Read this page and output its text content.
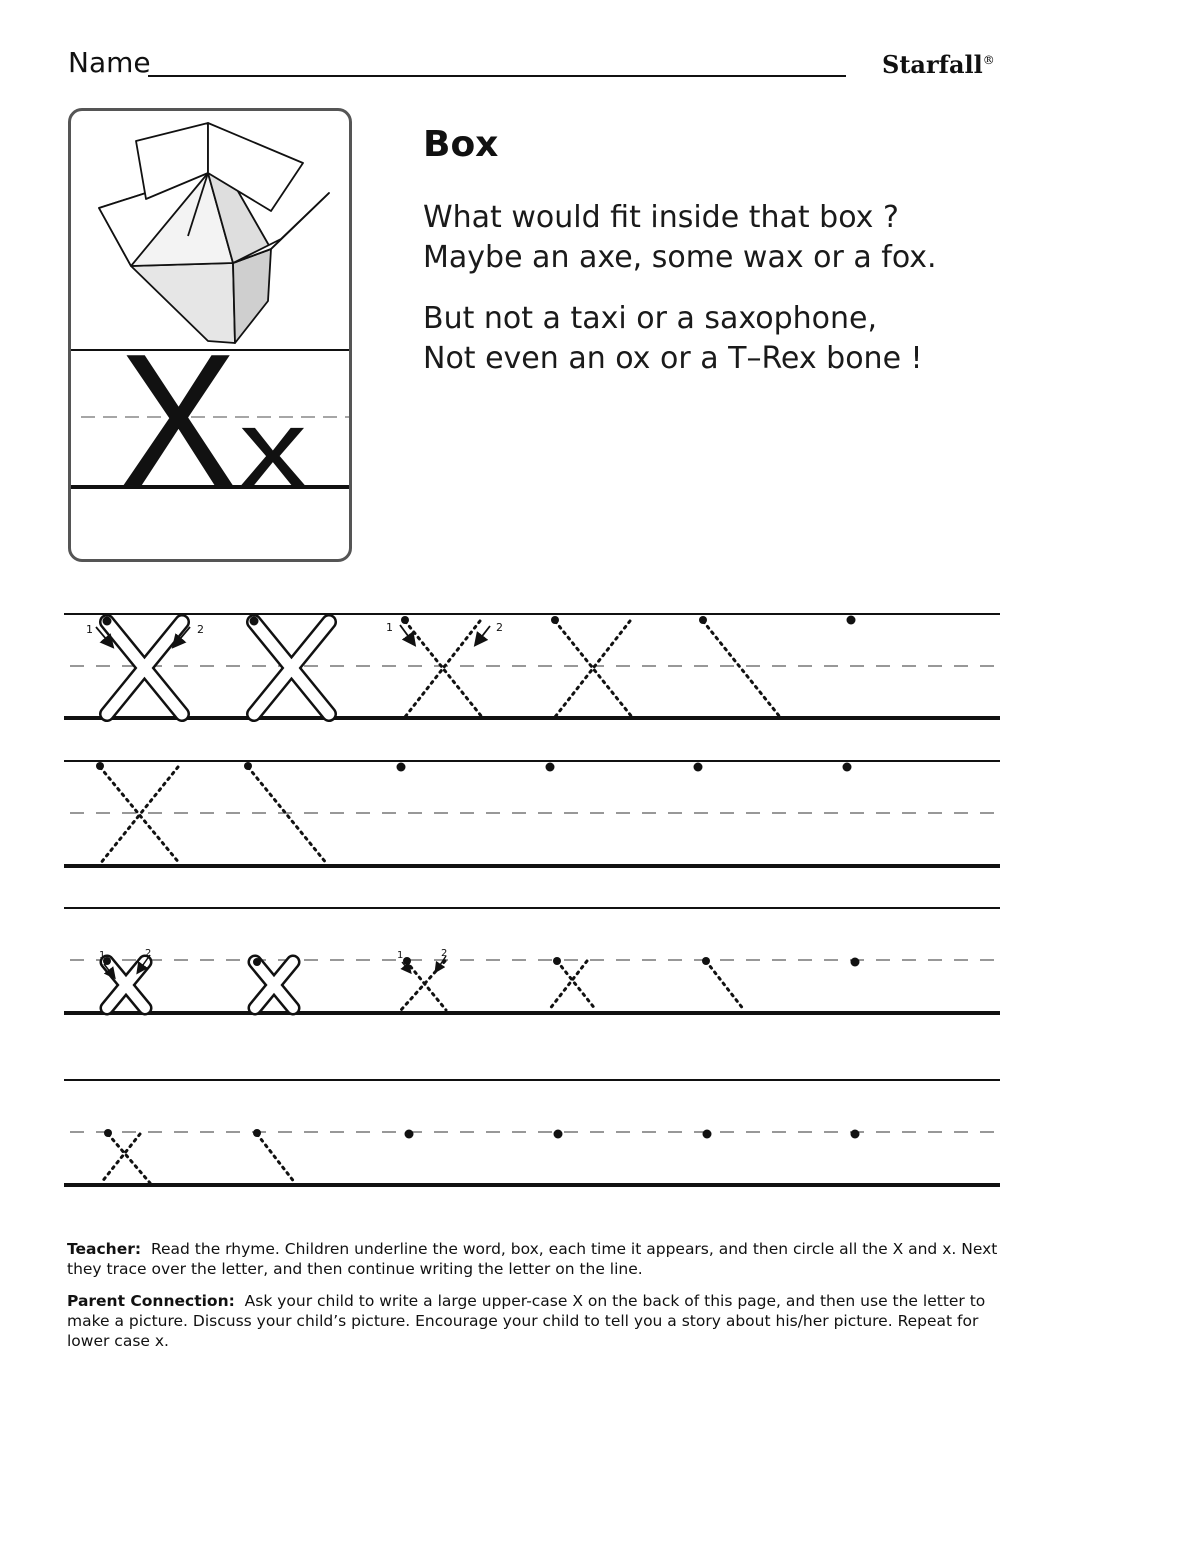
Name	Starfall®
X x
Box
What would fit inside that box ?
Maybe an axe, some wax or a fox.
But not a taxi or a saxophone,
Not even an ox or a T–Rex bone !
1	2	1	2
1	2	1	2

Teacher: Read the rhyme. Children underline the word, box, each time it appears, and then circle all the X and x. Next they trace over the letter, and then continue writing the letter on the line.

Parent Connection: Ask your child to write a large upper-case X on the back of this page, and then use the letter to make a picture. Discuss your child’s picture. Encourage your child to tell you a story about his/her picture. Repeat for lower case x.
